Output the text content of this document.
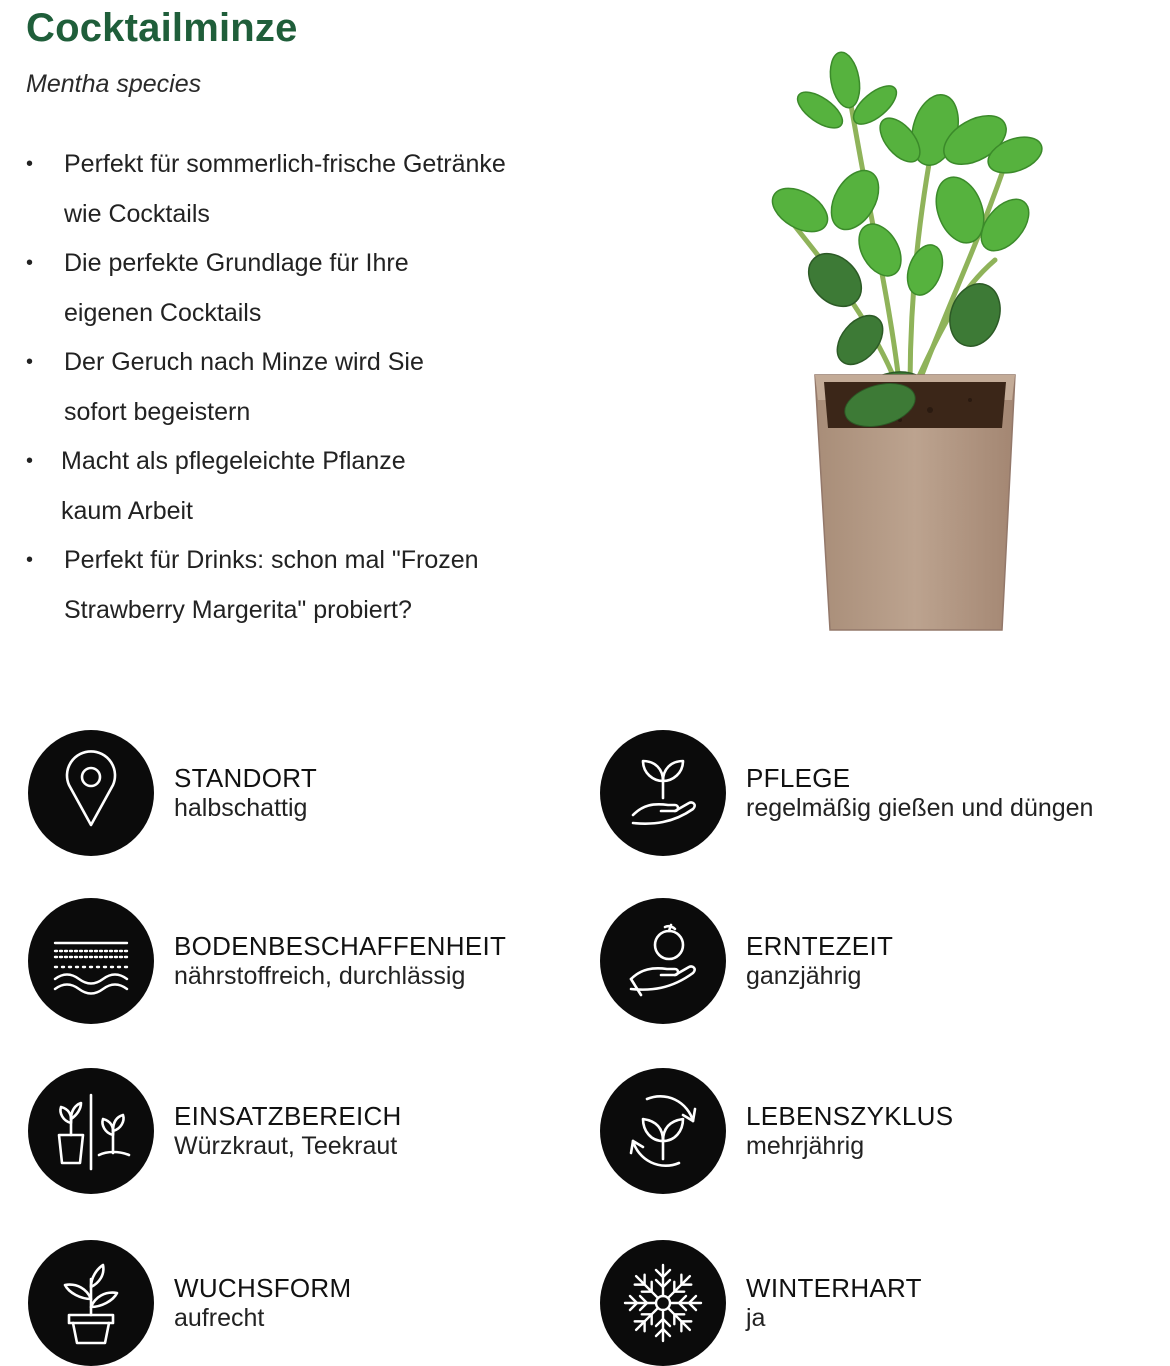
Cocktailminze
Mentha species
• Perfekt für sommerlich-frische Getränke
wie Cocktails
• Die perfekte Grundlage für Ihre
eigenen Cocktails
• Der Geruch nach Minze wird Sie
sofort begeistern
• Macht als pflegeleichte Pflanze
kaum Arbeit
• Perfekt für Drinks: schon mal "Frozen
Strawberry Margerita" probiert?
STANDORT
halbschattig
PFLEGE
regelmäßig gießen und düngen
BODENBESCHAFFENHEIT
nährstoffreich, durchlässig
ERNTEZEIT
ganzjährig
EINSATZBEREICH
Würzkraut, Teekraut
LEBENSZYKLUS
mehrjährig
WUCHSFORM
aufrecht
WINTERHART
ja
